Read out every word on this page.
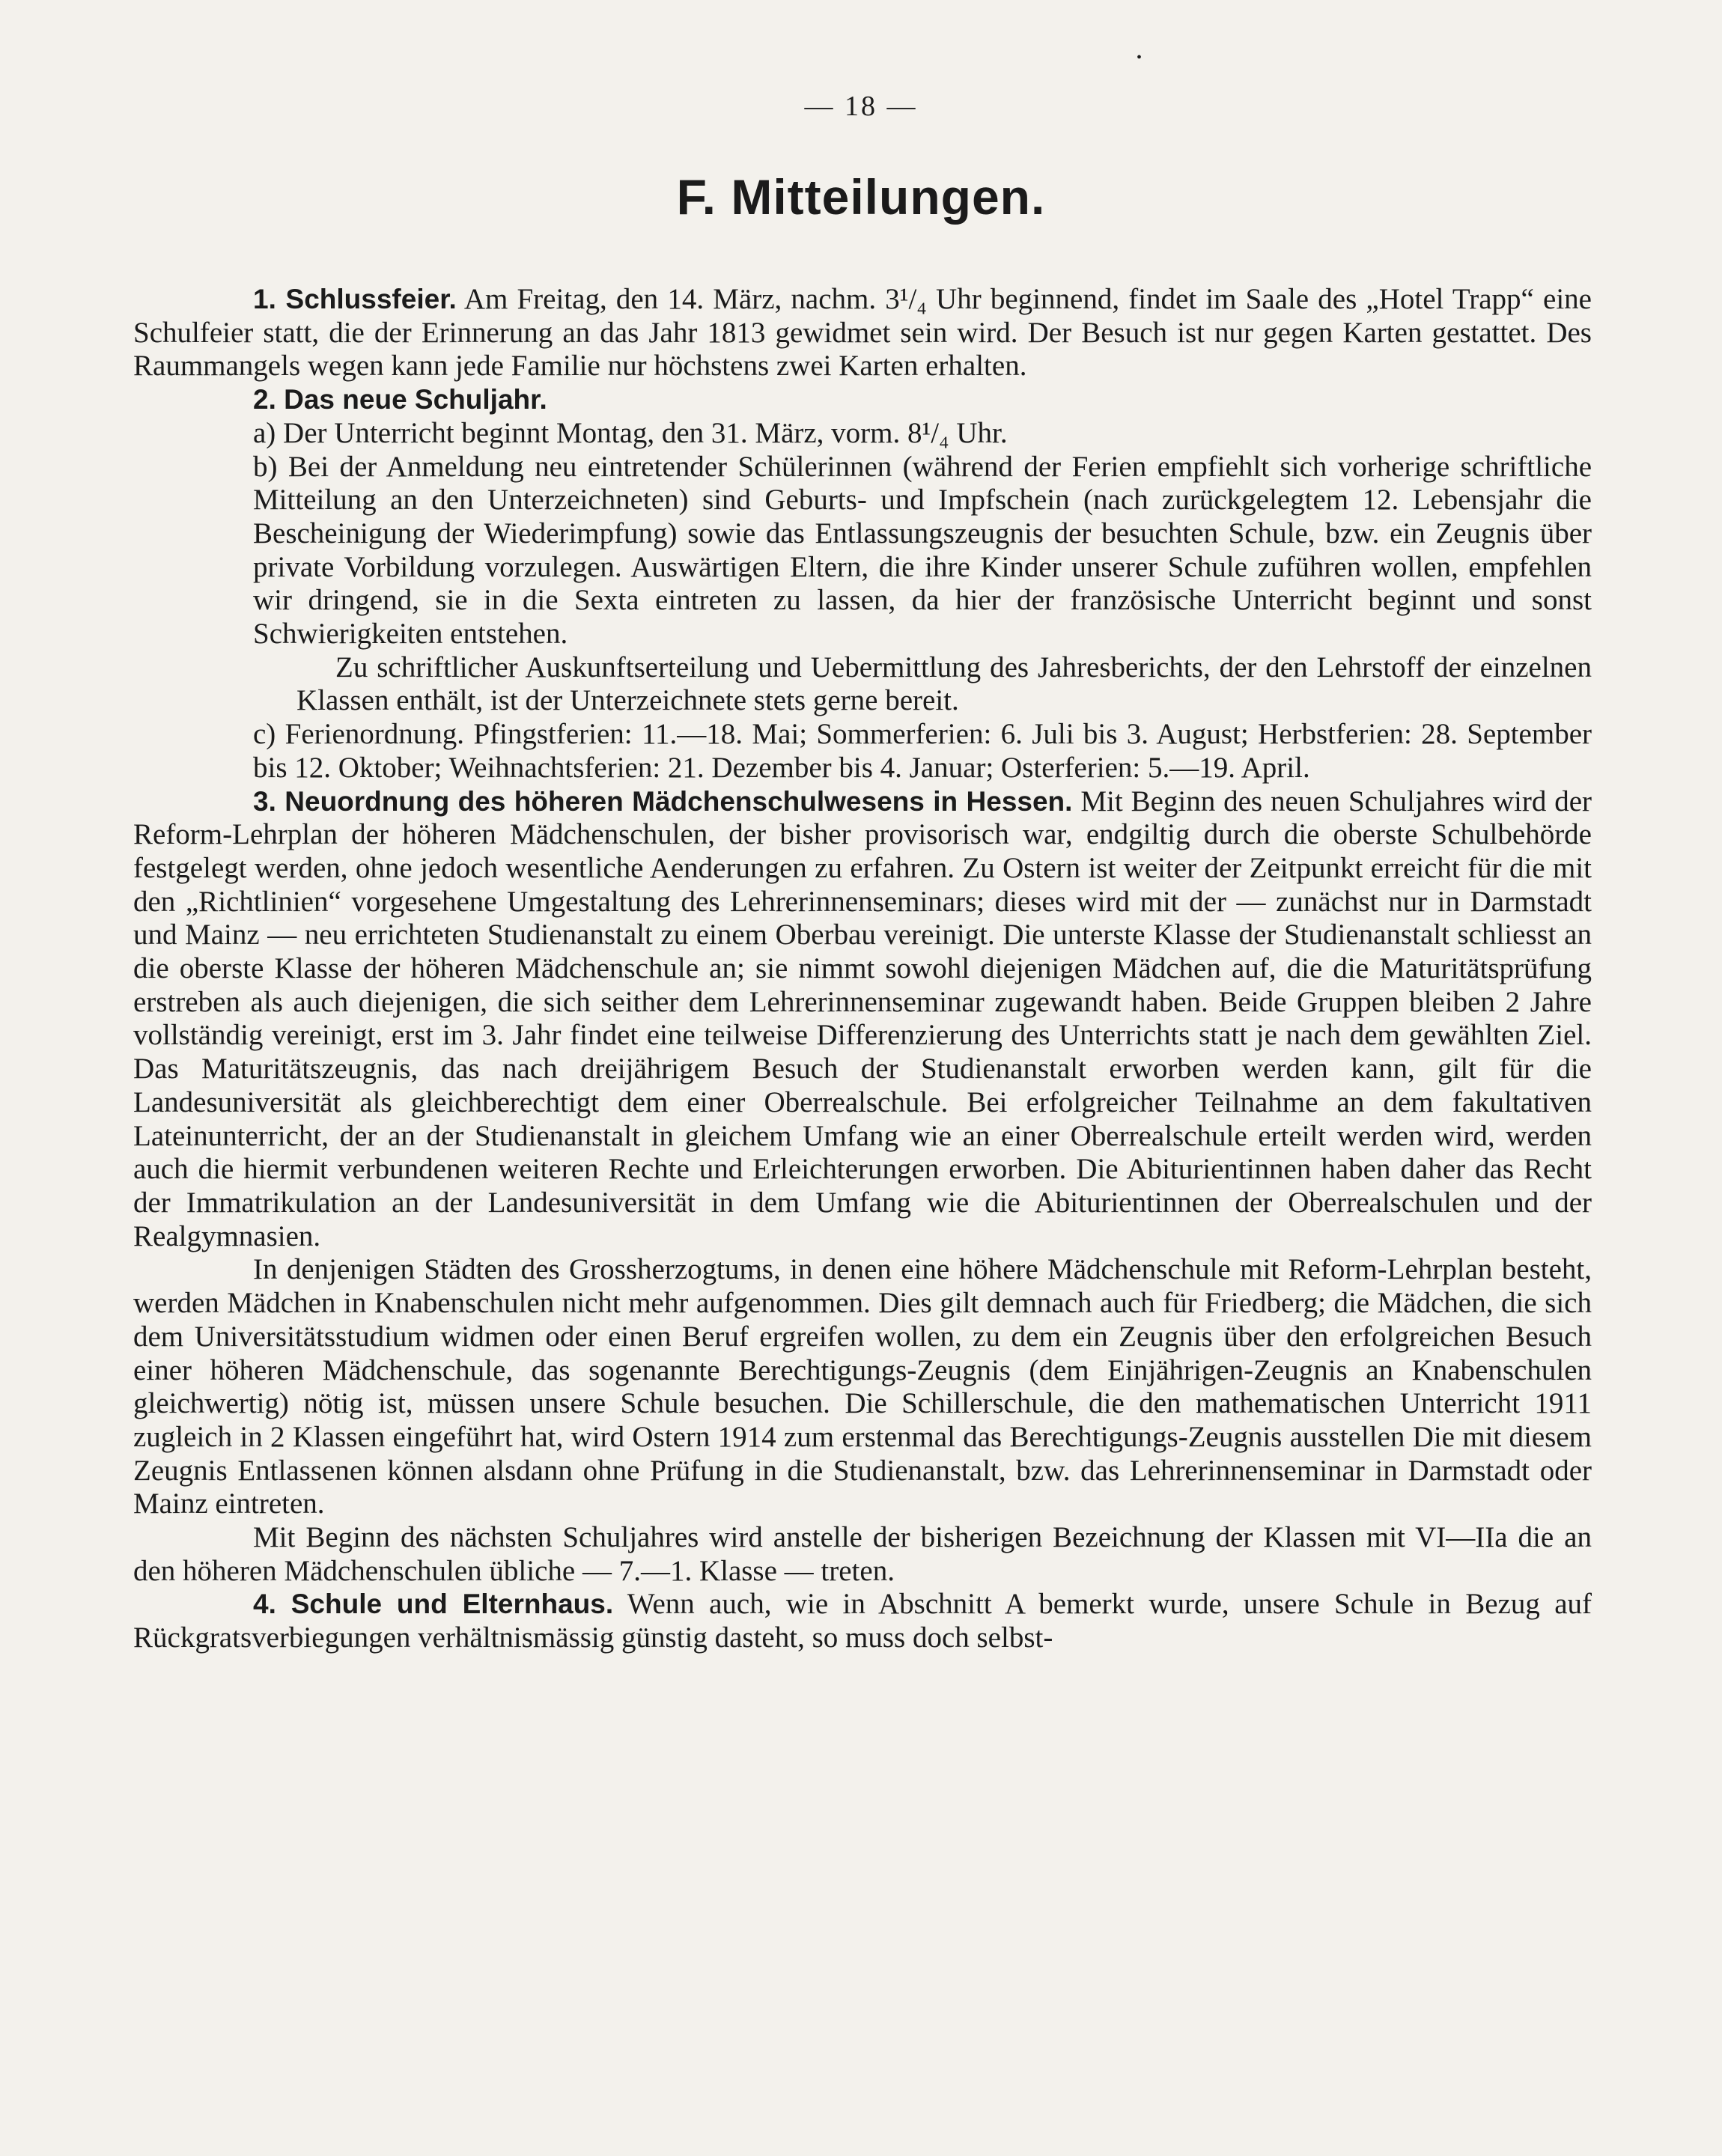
•
— 18 —
F. Mitteilungen.

1. Schlussfeier. Am Freitag, den 14. März, nachm. 3¹/₄ Uhr beginnend, findet im Saale des „Hotel Trapp“ eine Schulfeier statt, die der Erinnerung an das Jahr 1813 gewidmet sein wird. Der Besuch ist nur gegen Karten gestattet. Des Raummangels wegen kann jede Familie nur höchstens zwei Karten erhalten.

2. Das neue Schuljahr.

a) Der Unterricht beginnt Montag, den 31. März, vorm. 8¹/₄ Uhr.

b) Bei der Anmeldung neu eintretender Schülerinnen (während der Ferien empfiehlt sich vorherige schriftliche Mitteilung an den Unterzeichneten) sind Geburts- und Impfschein (nach zurückgelegtem 12. Lebensjahr die Bescheinigung der Wiederimpfung) sowie das Entlassungszeugnis der besuchten Schule, bzw. ein Zeugnis über private Vorbildung vorzulegen. Auswärtigen Eltern, die ihre Kinder unserer Schule zuführen wollen, empfehlen wir dringend, sie in die Sexta eintreten zu lassen, da hier der französische Unterricht beginnt und sonst Schwierigkeiten entstehen.

Zu schriftlicher Auskunftserteilung und Uebermittlung des Jahresberichts, der den Lehrstoff der einzelnen Klassen enthält, ist der Unterzeichnete stets gerne bereit.

c) Ferienordnung. Pfingstferien: 11.—18. Mai; Sommerferien: 6. Juli bis 3. August; Herbstferien: 28. September bis 12. Oktober; Weihnachtsferien: 21. Dezember bis 4. Januar; Osterferien: 5.—19. April.

3. Neuordnung des höheren Mädchenschulwesens in Hessen. Mit Beginn des neuen Schuljahres wird der Reform-Lehrplan der höheren Mädchenschulen, der bisher provisorisch war, endgiltig durch die oberste Schulbehörde festgelegt werden, ohne jedoch wesentliche Aenderungen zu erfahren. Zu Ostern ist weiter der Zeitpunkt erreicht für die mit den „Richtlinien“ vorgesehene Umgestaltung des Lehrerinnenseminars; dieses wird mit der — zunächst nur in Darmstadt und Mainz — neu errichteten Studienanstalt zu einem Oberbau vereinigt. Die unterste Klasse der Studienanstalt schliesst an die oberste Klasse der höheren Mädchenschule an; sie nimmt sowohl diejenigen Mädchen auf, die die Maturitätsprüfung erstreben als auch diejenigen, die sich seither dem Lehrerinnenseminar zugewandt haben. Beide Gruppen bleiben 2 Jahre vollständig vereinigt, erst im 3. Jahr findet eine teilweise Differenzierung des Unterrichts statt je nach dem gewählten Ziel. Das Maturitätszeugnis, das nach dreijährigem Besuch der Studienanstalt erworben werden kann, gilt für die Landesuniversität als gleichberechtigt dem einer Oberrealschule. Bei erfolgreicher Teilnahme an dem fakultativen Lateinunterricht, der an der Studienanstalt in gleichem Umfang wie an einer Oberrealschule erteilt werden wird, werden auch die hiermit verbundenen weiteren Rechte und Erleichterungen erworben. Die Abiturientinnen haben daher das Recht der Immatrikulation an der Landesuniversität in dem Umfang wie die Abiturientinnen der Oberrealschulen und der Realgymnasien.

In denjenigen Städten des Grossherzogtums, in denen eine höhere Mädchenschule mit Reform-Lehrplan besteht, werden Mädchen in Knabenschulen nicht mehr aufgenommen. Dies gilt demnach auch für Friedberg; die Mädchen, die sich dem Universitätsstudium widmen oder einen Beruf ergreifen wollen, zu dem ein Zeugnis über den erfolgreichen Besuch einer höheren Mädchenschule, das sogenannte Berechtigungs-Zeugnis (dem Einjährigen-Zeugnis an Knabenschulen gleichwertig) nötig ist, müssen unsere Schule besuchen. Die Schillerschule, die den mathematischen Unterricht 1911 zugleich in 2 Klassen eingeführt hat, wird Ostern 1914 zum erstenmal das Berechtigungs-Zeugnis ausstellen Die mit diesem Zeugnis Entlassenen können alsdann ohne Prüfung in die Studienanstalt, bzw. das Lehrerinnenseminar in Darmstadt oder Mainz eintreten.

Mit Beginn des nächsten Schuljahres wird anstelle der bisherigen Bezeichnung der Klassen mit VI—IIa die an den höheren Mädchenschulen übliche — 7.—1. Klasse — treten.

4. Schule und Elternhaus. Wenn auch, wie in Abschnitt A bemerkt wurde, unsere Schule in Bezug auf Rückgratsverbiegungen verhältnismässig günstig dasteht, so muss doch selbst-
